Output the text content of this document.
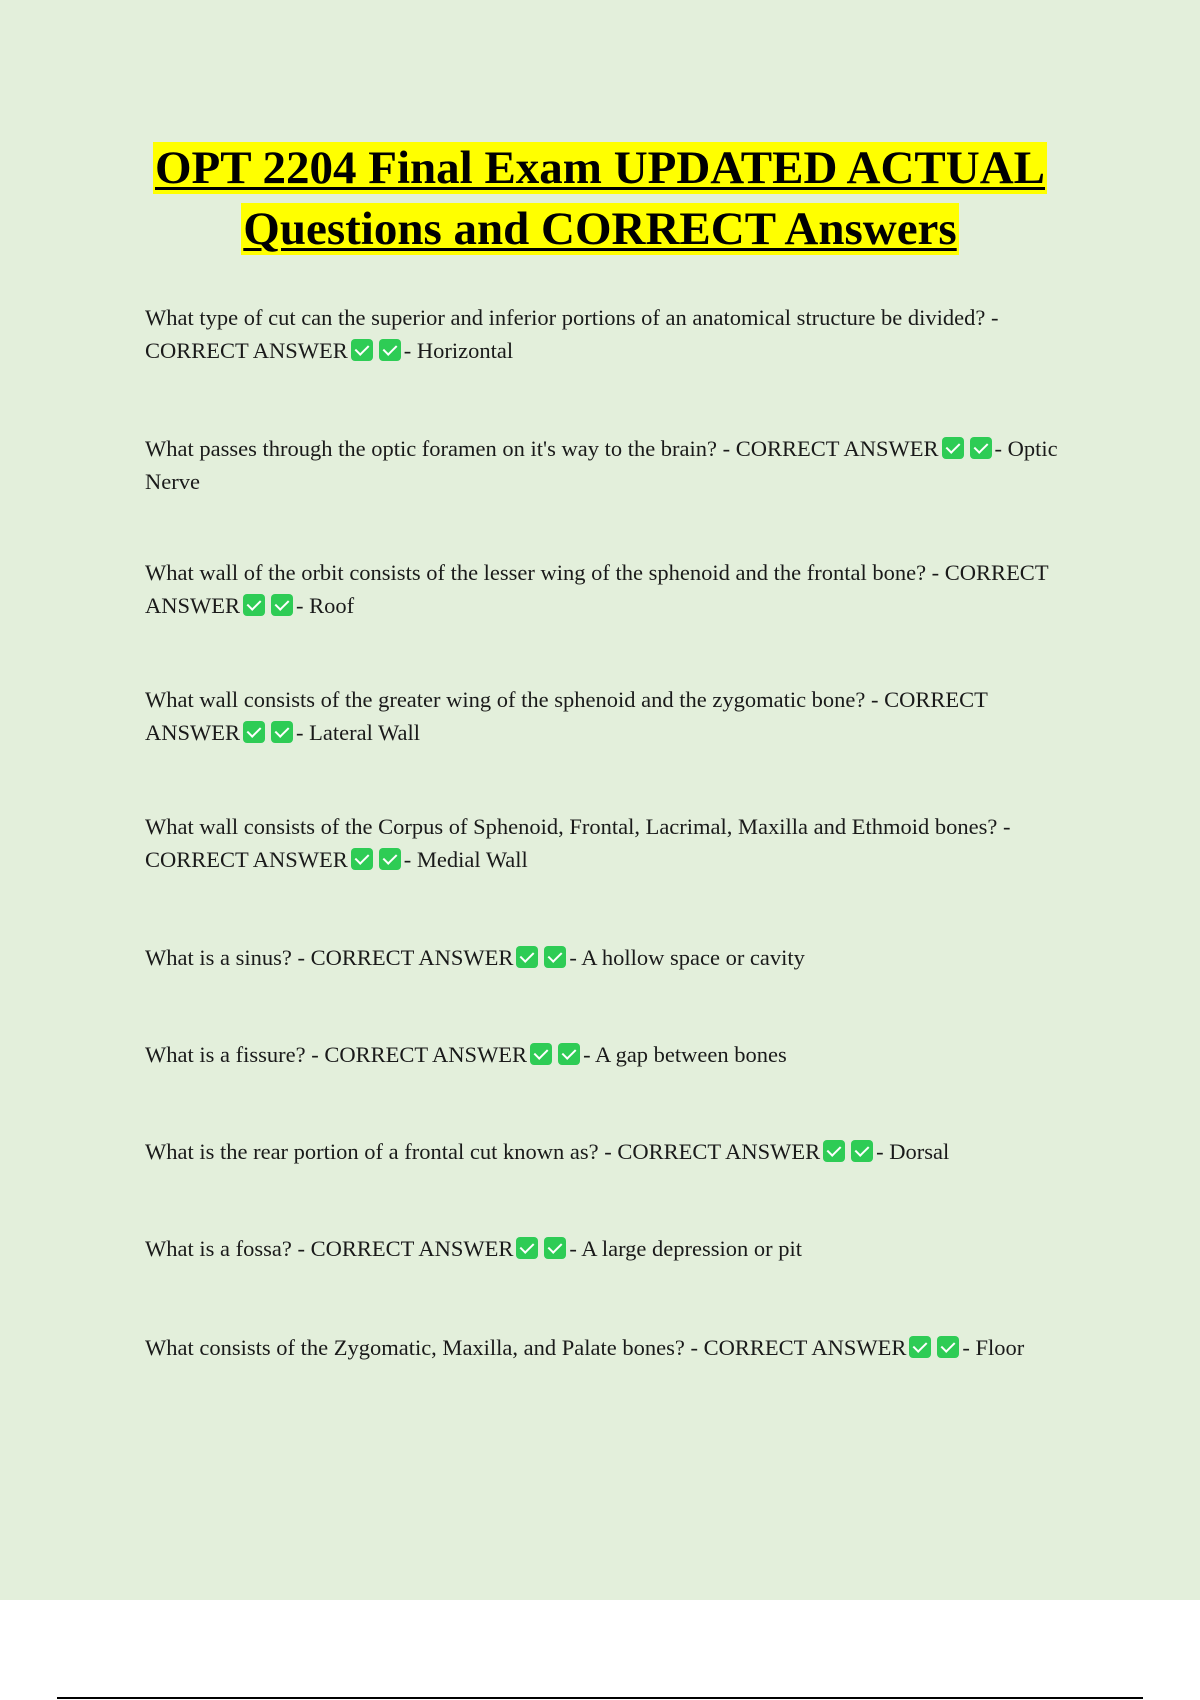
OPT 2204 Final Exam UPDATED ACTUAL
Questions and CORRECT Answers

What type of cut can the superior and inferior portions of an anatomical structure be divided? - CORRECT ANSWER - Horizontal

What passes through the optic foramen on it's way to the brain? - CORRECT ANSWER - Optic Nerve

What wall of the orbit consists of the lesser wing of the sphenoid and the frontal bone? - CORRECT ANSWER - Roof

What wall consists of the greater wing of the sphenoid and the zygomatic bone? - CORRECT ANSWER - Lateral Wall

What wall consists of the Corpus of Sphenoid, Frontal, Lacrimal, Maxilla and Ethmoid bones? - CORRECT ANSWER - Medial Wall

What is a sinus? - CORRECT ANSWER - A hollow space or cavity

What is a fissure? - CORRECT ANSWER - A gap between bones

What is the rear portion of a frontal cut known as? - CORRECT ANSWER - Dorsal

What is a fossa? - CORRECT ANSWER - A large depression or pit

What consists of the Zygomatic, Maxilla, and Palate bones? - CORRECT ANSWER - Floor
